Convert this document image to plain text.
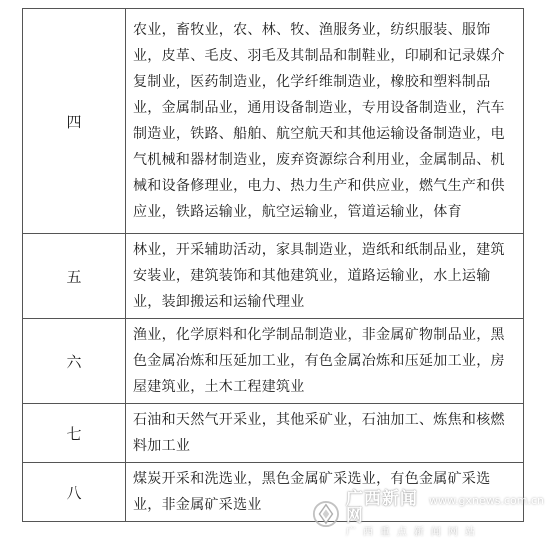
四	农业，畜牧业，农、林、牧、渔服务业，纺织服装、服饰业，皮革、毛皮、羽毛及其制品和制鞋业，印刷和记录媒介复制业，医药制造业，化学纤维制造业，橡胶和塑料制品业，金属制品业，通用设备制造业，专用设备制造业，汽车制造业，铁路、船舶、航空航天和其他运输设备制造业，电气机械和器材制造业，废弃资源综合利用业，金属制品、机械和设备修理业，电力、热力生产和供应业，燃气生产和供应业，铁路运输业，航空运输业，管道运输业，体育
五	林业，开采辅助活动，家具制造业，造纸和纸制品业，建筑安装业，建筑装饰和其他建筑业，道路运输业，水上运输业，装卸搬运和运输代理业
六	渔业，化学原料和化学制品制造业，非金属矿物制品业，黑色金属冶炼和压延加工业，有色金属冶炼和压延加工业，房屋建筑业，土木工程建筑业
七	石油和天然气开采业，其他采矿业，石油加工、炼焦和核燃料加工业
八	煤炭开采和洗选业，黑色金属矿采选业，有色金属矿采选业，非金属矿采选业	广西新闻网
www.gxnews.com.cn
广西重点新闻网站
